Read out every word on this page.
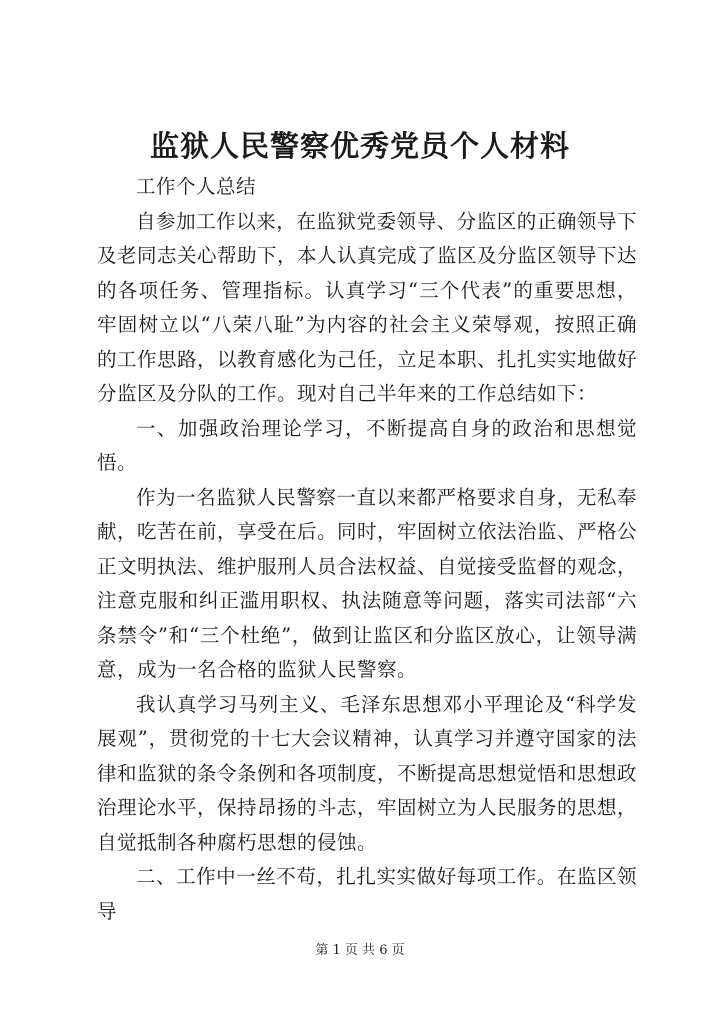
监狱人民警察优秀党员个人材料

工作个人总结

自参加工作以来，在监狱党委领导、分监区的正确领导下及老同志关心帮助下，本人认真完成了监区及分监区领导下达的各项任务、管理指标。认真学习“三个代表”的重要思想，牢固树立以“八荣八耻”为内容的社会主义荣辱观，按照正确的工作思路，以教育感化为己任，立足本职、扎扎实实地做好分监区及分队的工作。现对自己半年来的工作总结如下：

一、加强政治理论学习，不断提高自身的政治和思想觉悟。

作为一名监狱人民警察一直以来都严格要求自身，无私奉献，吃苦在前，享受在后。同时，牢固树立依法治监、严格公正文明执法、维护服刑人员合法权益、自觉接受监督的观念，注意克服和纠正滥用职权、执法随意等问题，落实司法部“六条禁令”和“三个杜绝”，做到让监区和分监区放心，让领导满意，成为一名合格的监狱人民警察。

我认真学习马列主义、毛泽东思想邓小平理论及“科学发展观”，贯彻党的十七大会议精神，认真学习并遵守国家的法律和监狱的条令条例和各项制度，不断提高思想觉悟和思想政治理论水平，保持昂扬的斗志，牢固树立为人民服务的思想，自觉抵制各种腐朽思想的侵蚀。

二、工作中一丝不苟，扎扎实实做好每项工作。在监区领导

第 1 页 共 6 页
